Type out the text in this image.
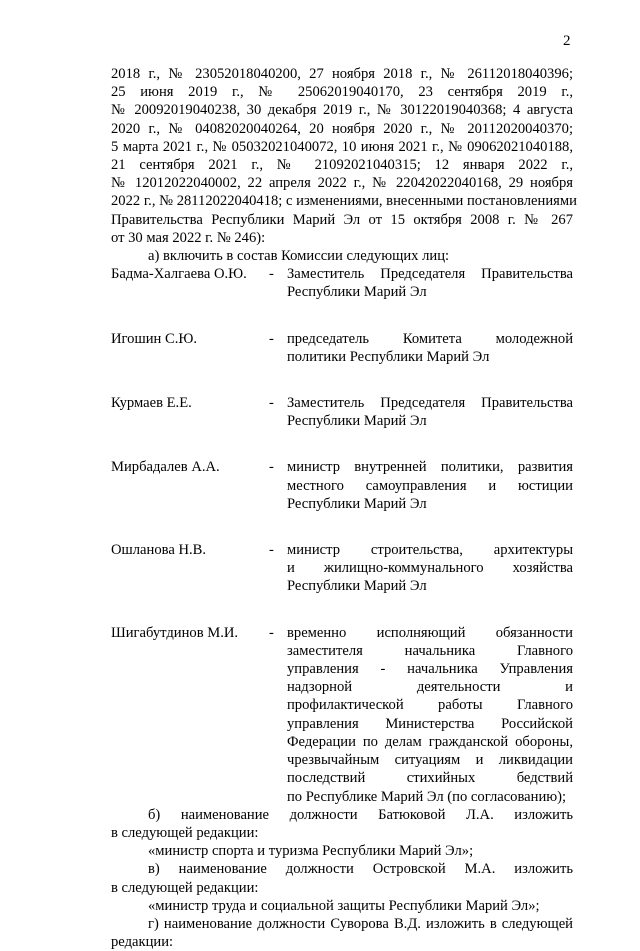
2
2018 г., № 23052018040200, 27 ноября 2018 г., № 26112018040396;
25 июня 2019 г., № 25062019040170, 23 сентября 2019 г.,
№ 20092019040238, 30 декабря 2019 г., № 30122019040368; 4 августа
2020 г., № 04082020040264, 20 ноября 2020 г., № 20112020040370;
5 марта 2021 г., № 05032021040072, 10 июня 2021 г., № 09062021040188,
21 сентября 2021 г., № 21092021040315; 12 января 2022 г.,
№ 12012022040002, 22 апреля 2022 г., № 22042022040168, 29 ноября
2022 г., № 28112022040418; с изменениями, внесенными постановлениями
Правительства Республики Марий Эл от 15 октября 2008 г. № 267
от 30 мая 2022 г. № 246):
а) включить в состав Комиссии следующих лиц:
Бадма-Халгаева О.Ю.	- Заместитель Председателя Правительства
Республики Марий Эл
Игошин С.Ю.	- председатель Комитета молодежной
политики Республики Марий Эл
Курмаев Е.Е.	- Заместитель Председателя Правительства
Республики Марий Эл
Мирбадалев А.А.	- министр внутренней политики, развития
местного самоуправления и юстиции
Республики Марий Эл
Ошланова Н.В.	- министр строительства, архитектуры
и жилищно-коммунального хозяйства
Республики Марий Эл
Шигабутдинов М.И.	- временно исполняющий обязанности
заместителя начальника Главного
управления - начальника Управления
надзорной деятельности и
профилактической работы Главного
управления Министерства Российской
Федерации по делам гражданской обороны,
чрезвычайным ситуациям и ликвидации
последствий стихийных бедствий
по Республике Марий Эл (по согласованию);
б) наименование должности Батюковой Л.А. изложить
в следующей редакции:
«министр спорта и туризма Республики Марий Эл»;
в) наименование должности Островской М.А. изложить
в следующей редакции:
«министр труда и социальной защиты Республики Марий Эл»;
г) наименование должности Суворова В.Д. изложить в следующей
редакции:
